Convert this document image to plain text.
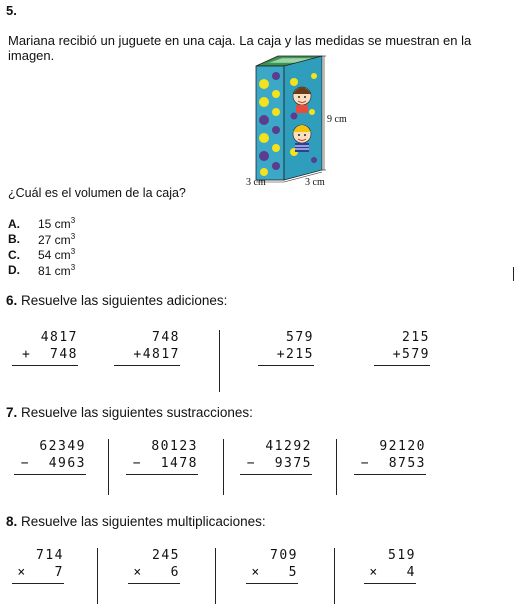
5.
Mariana recibió un juguete en una caja. La caja y las medidas se muestran en la imagen.
9 cm
3 cm	3 cm
¿Cuál es el volumen de la caja?
A.	15 $cm^3$
B.	27 $cm^3$
C.	54 $cm^3$
D.	81 $cm^3$
6. Resuelve las siguientes adiciones:
4817
+ 748
748
+4817
579
+215
215
+579
7. Resuelve las siguientes sustracciones:
62349
− 4963
80123
− 1478
41292
− 9375
92120
− 8753
8. Resuelve las siguientes multiplicaciones:
714
× 7
245
× 6
709
× 5
519
× 4
